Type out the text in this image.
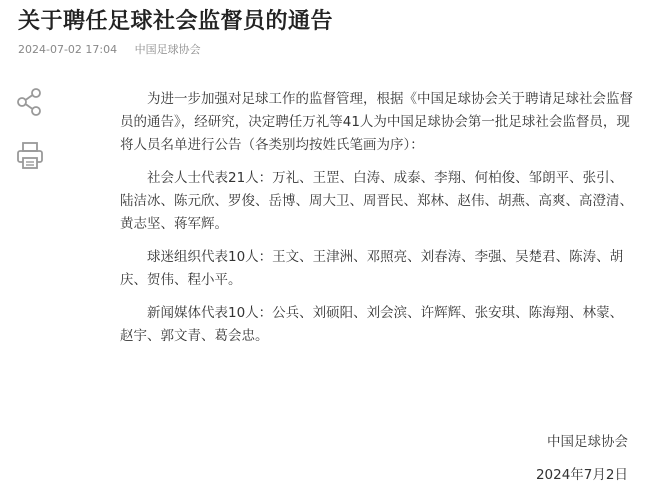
关于聘任足球社会监督员的通告
2024-07-02 17:04 中国足球协会

为进一步加强对足球工作的监督管理，根据《中国足球协会关于聘请足球社会监督员的通告》，经研究，决定聘任万礼等41人为中国足球协会第一批足球社会监督员，现将人员名单进行公告（各类别均按姓氏笔画为序）：

社会人士代表21人：万礼、王罡、白涛、成泰、李翔、何柏俊、邹朗平、张引、陆洁冰、陈元欣、罗俊、岳博、周大卫、周晋民、郑林、赵伟、胡燕、高爽、高澄清、黄志坚、蒋军辉。

球迷组织代表10人：王文、王津洲、邓照亮、刘春涛、李强、吴楚君、陈涛、胡庆、贺伟、程小平。

新闻媒体代表10人：公兵、刘硕阳、刘会滨、许辉辉、张安琪、陈海翔、林蒙、赵宇、郭文青、葛会忠。

中国足球协会
2024年7月2日
